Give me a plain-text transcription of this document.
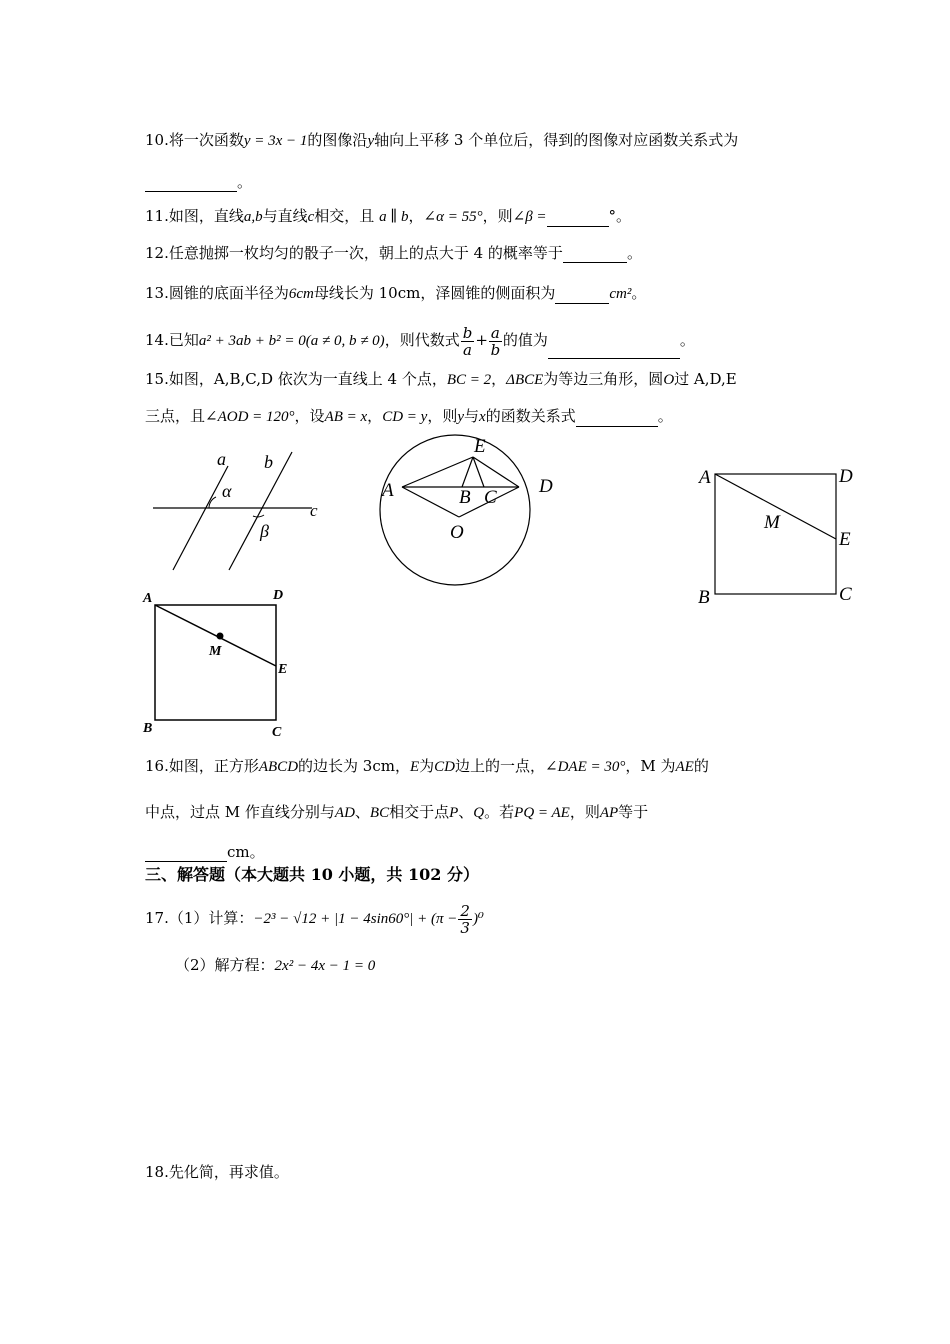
10.将一次函数y = 3x − 1的图像沿y轴向上平移 3 个单位后，得到的图像对应函数关系式为
。
11.如图，直线a,b与直线c相交，且 a ∥ b，∠α = 55°，则∠β =	°。
12.任意抛掷一枚均匀的骰子一次，朝上的点大于 4 的概率等于	。
13.圆锥的底面半径为6cm母线长为 10cm，泽圆锥的侧面积为	cm²。
14.已知a² + 3ab + b² = 0(a ≠ 0, b ≠ 0)，则代数式 $\frac{b}{a} + \frac{a}{b}$ 的值为	。
15.如图，A,B,C,D 依次为一直线上 4 个点，BC = 2，ΔBCE为等边三角形，圆O过 A,D,E
三点，且∠AOD = 120°，设AB = x，CD = y，则y与x的函数关系式	。
a b
c
α
β
E
A	B C
D
O
A	D
M
E
B	C
A	D
M
E
B	C
16.如图，正方形ABCD的边长为 3cm，E为CD边上的一点，∠DAE = 30°，M 为AE的
中点，过点 M 作直线分别与AD、BC相交于点P、Q。若PQ = AE，则AP等于
cm。
三、解答题（本大题共 10 小题，共 102 分）
17.（1）计算：$-2^3 - √12 + |1 - 4\sin 60^\circ| + (\pi - \frac{2}{3} )^0$
（2）解方程：2x² − 4x − 1 = 0
18.先化简，再求值。
